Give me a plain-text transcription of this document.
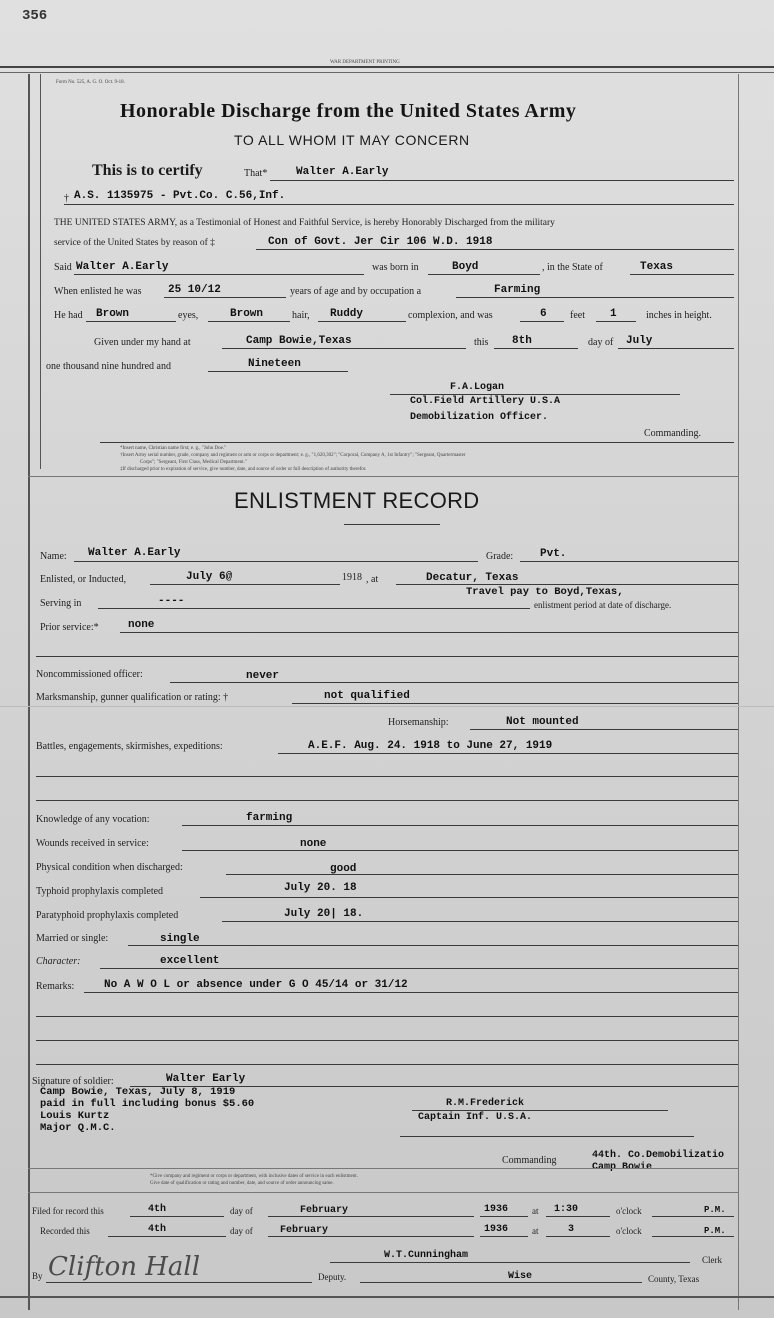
356
WAR DEPARTMENT PRINTING
Form No. 525, A. G. O. Oct. 9-18.
Honorable Discharge from the United States Army
TO ALL WHOM IT MAY CONCERN
This is to certify	That*	Walter A.Early
† A.S. 1135975 - Pvt.Co. C.56,Inf.
THE UNITED STATES ARMY, as a Testimonial of Honest and Faithful Service, is hereby Honorably Discharged from the military
service of the United States by reason of ‡	Con of Govt. Jer Cir 106 W.D. 1918
Said Walter A.Early	was born in	Boyd	, in the State of	Texas
When enlisted he was 25 10/12	years of age and by occupation a	Farming
He had Brown	eyes,	Brown	hair, Ruddy	complexion, and was	6 feet 1	inches in height.
Given under my hand at	Camp Bowie,Texas	this 8th	day of July
one thousand nine hundred and	Nineteen
F.A.Logan
Col.Field Artillery U.S.A
Demobilization Officer.
Commanding.
*Insert name, Christian name first; e. g., "John Doe."
†Insert Army serial number, grade, company and regiment or arm or corps or department; e. g., "1,620,302"; "Corporal, Company A, 1st Infantry"; "Sergeant, Quartermaster
Corps"; "Sergeant, First Class, Medical Department."
‡If discharged prior to expiration of service, give number, date, and source of order or full description of authority therefor.
ENLISTMENT RECORD
Name: Walter A.Early	Grade: Pvt.
Enlisted, or Inducted,	July 6@	1918 , at	Decatur, Texas
Travel pay to Boyd,Texas,
Serving in	----	enlistment period at date of discharge.
Prior service:*	none
Noncommissioned officer:	never
Marksmanship, gunner qualification or rating: †	not qualified
Horsemanship:	Not mounted
Battles, engagements, skirmishes, expeditions:	A.E.F. Aug. 24. 1918 to June 27, 1919
Knowledge of any vocation:	farming
Wounds received in service:	none
Physical condition when discharged:	good
Typhoid prophylaxis completed	July 20. 18
Paratyphoid prophylaxis completed	July 20| 18.
Married or single:	single
Character:	excellent
Remarks:	No A W O L or absence under G O 45/14 or 31/12
Signature of soldier:	Walter Early
Camp Bowie, Texas, July 8, 1919
paid in full including bonus $5.60
Louis Kurtz
Major Q.M.C.
R.M.Frederick
Captain Inf. U.S.A.
Commanding	44th. Co.Demobilizatio
Camp Bowie
*Give company and regiment or corps or department, with inclusive dates of service in each enlistment.
Give date of qualification or rating and number, date, and source of order announcing same.
Filed for record this	4th	day of	February	1936	at 1:30	o'clock	P.M.
Recorded this	4th	day of	February	1936	at	3	o'clock	P.M.
W.T.Cunningham	Clerk
By Clifton Hall	Deputy.	Wise	County, Texas
